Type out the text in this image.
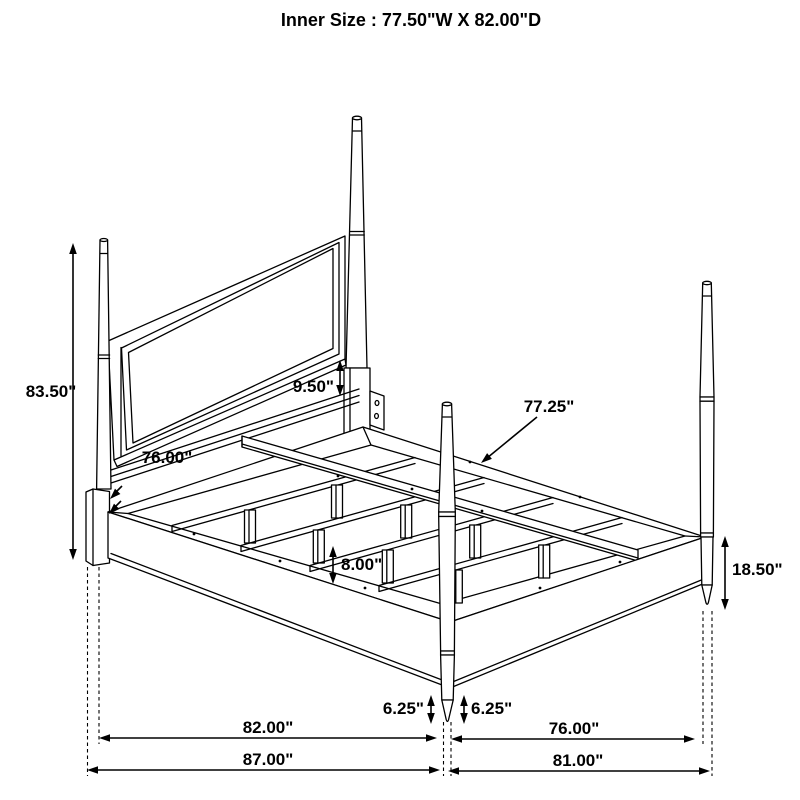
Inner Size : 77.50"W X 82.00"D
83.50"	9.50"
76.00"
77.25"
8.00"	18.50"
6.25"	6.25"
82.00"	76.00"
87.00"	81.00"
